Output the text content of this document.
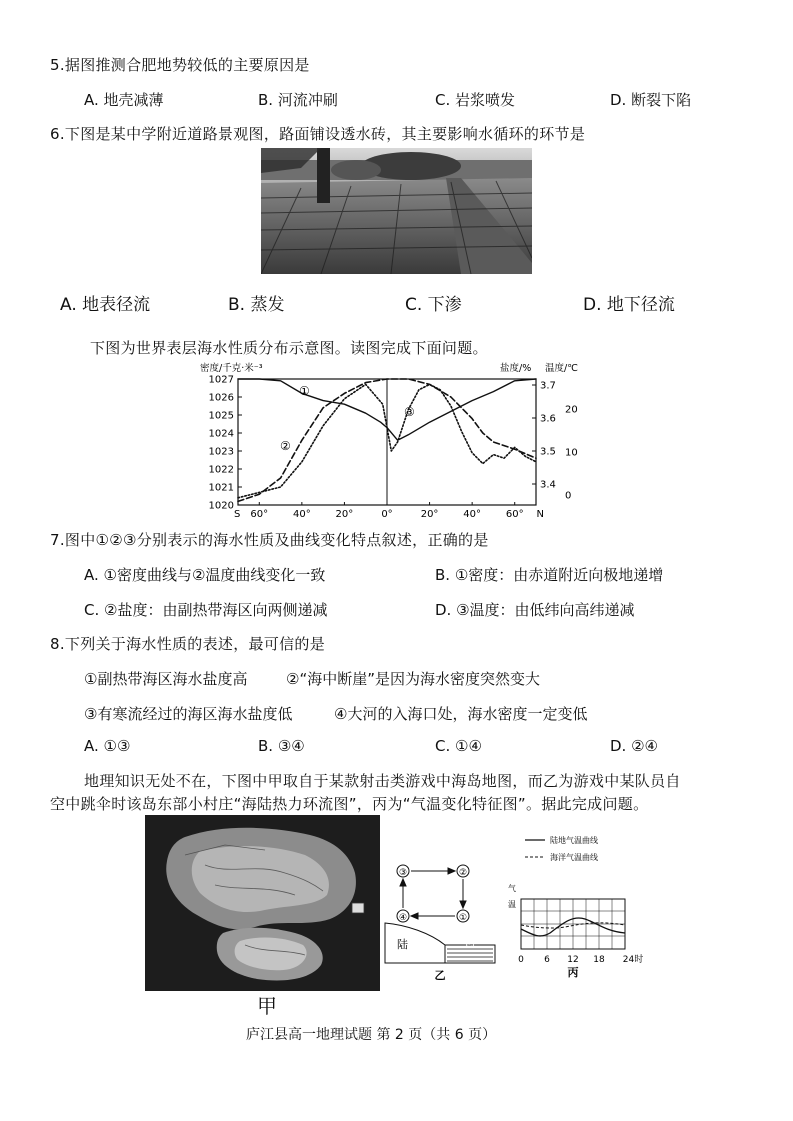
5.据图推测合肥地势较低的主要原因是
A. 地壳减薄	B. 河流冲刷	C. 岩浆喷发	D. 断裂下陷
6.下图是某中学附近道路景观图，路面铺设透水砖，其主要影响水循环的环节是
A. 地表径流	B. 蒸发	C. 下渗	D. 地下径流
下图为世界表层海水性质分布示意图。读图完成下面问题。
密度/千克·米⁻³	盐度/% 温度/℃
1027
1026
1025
1024
1023
1022
1021
1020
3.7
3.6
3.5
3.4
20
10
0
S 60° 40° 20°	0°	20° 40° 60° N
①
②
③
7.图中①②③分别表示的海水性质及曲线变化特点叙述，正确的是
A. ①密度曲线与②温度曲线变化一致	B. ①密度：由赤道附近向极地递增
C. ②盐度：由副热带海区向两侧递减	D. ③温度：由低纬向高纬递减
8.下列关于海水性质的表述，最可信的是
①副热带海区海水盐度高	②“海中断崖”是因为海水密度突然变大
③有寒流经过的海区海水盐度低	④大河的入海口处，海水密度一定变低
A. ①③	B. ③④	C. ①④	D. ②④
地理知识无处不在，下图中甲取自于某款射击类游戏中海岛地图，而乙为游戏中某队员自
空中跳伞时该岛东部小村庄“海陆热力环流图”，丙为“气温变化特征图”。据此完成问题。
③	②
④	①
陆	海
乙
陆地气温曲线
海洋气温曲线
气
温
0 6 12 18 24时
丙
甲
庐江县高一地理试题 第 2 页（共 6 页）
